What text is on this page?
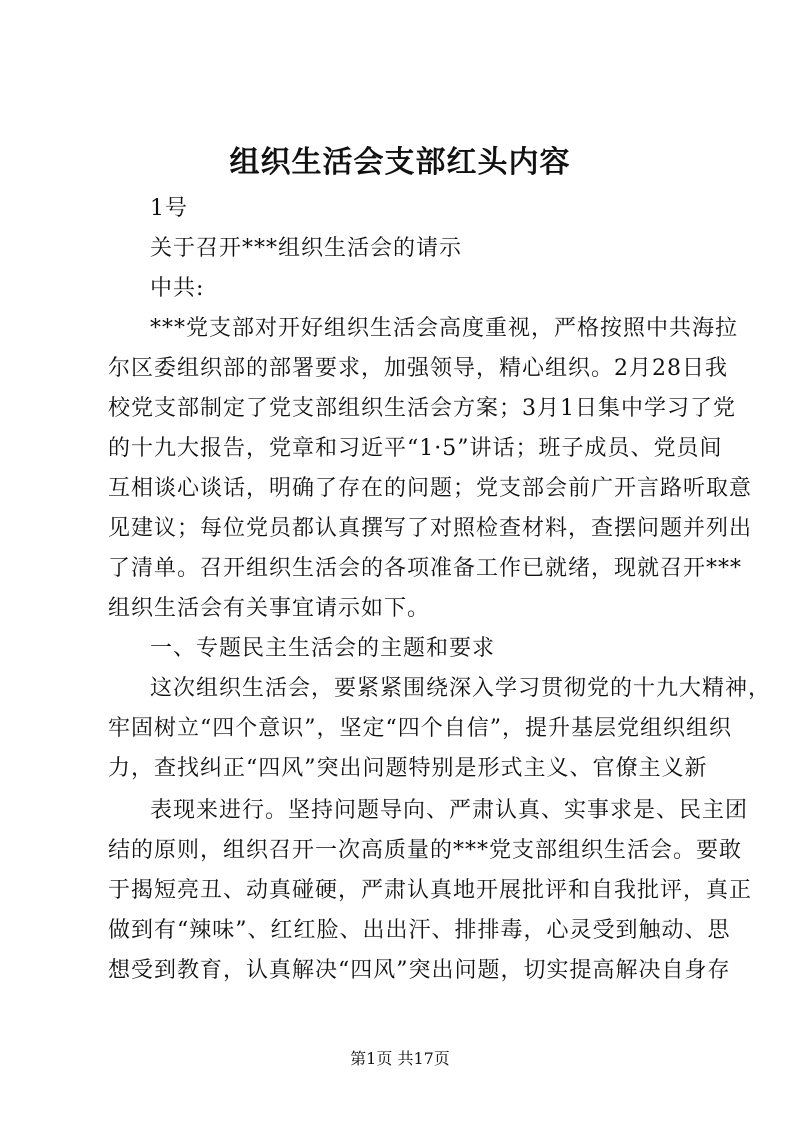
组织生活会支部红头内容
1号
关于召开***组织生活会的请示
中共:
***党支部对开好组织生活会高度重视，严格按照中共海拉
尔区委组织部的部署要求，加强领导，精心组织。2月28日我
校党支部制定了党支部组织生活会方案；3月1日集中学习了党
的十九大报告，党章和习近平“1·5”讲话；班子成员、党员间
互相谈心谈话，明确了存在的问题；党支部会前广开言路听取意
见建议；每位党员都认真撰写了对照检查材料，查摆问题并列出
了清单。召开组织生活会的各项准备工作已就绪，现就召开***
组织生活会有关事宜请示如下。
一、专题民主生活会的主题和要求
这次组织生活会，要紧紧围绕深入学习贯彻党的十九大精神，
牢固树立“四个意识”，坚定“四个自信”，提升基层党组织组织
力，查找纠正“四风”突出问题特别是形式主义、官僚主义新
表现来进行。坚持问题导向、严肃认真、实事求是、民主团
结的原则，组织召开一次高质量的***党支部组织生活会。要敢
于揭短亮丑、动真碰硬，严肃认真地开展批评和自我批评，真正
做到有“辣味”、红红脸、出出汗、排排毒，心灵受到触动、思
想受到教育，认真解决“四风”突出问题，切实提高解决自身存
第1页 共17页
